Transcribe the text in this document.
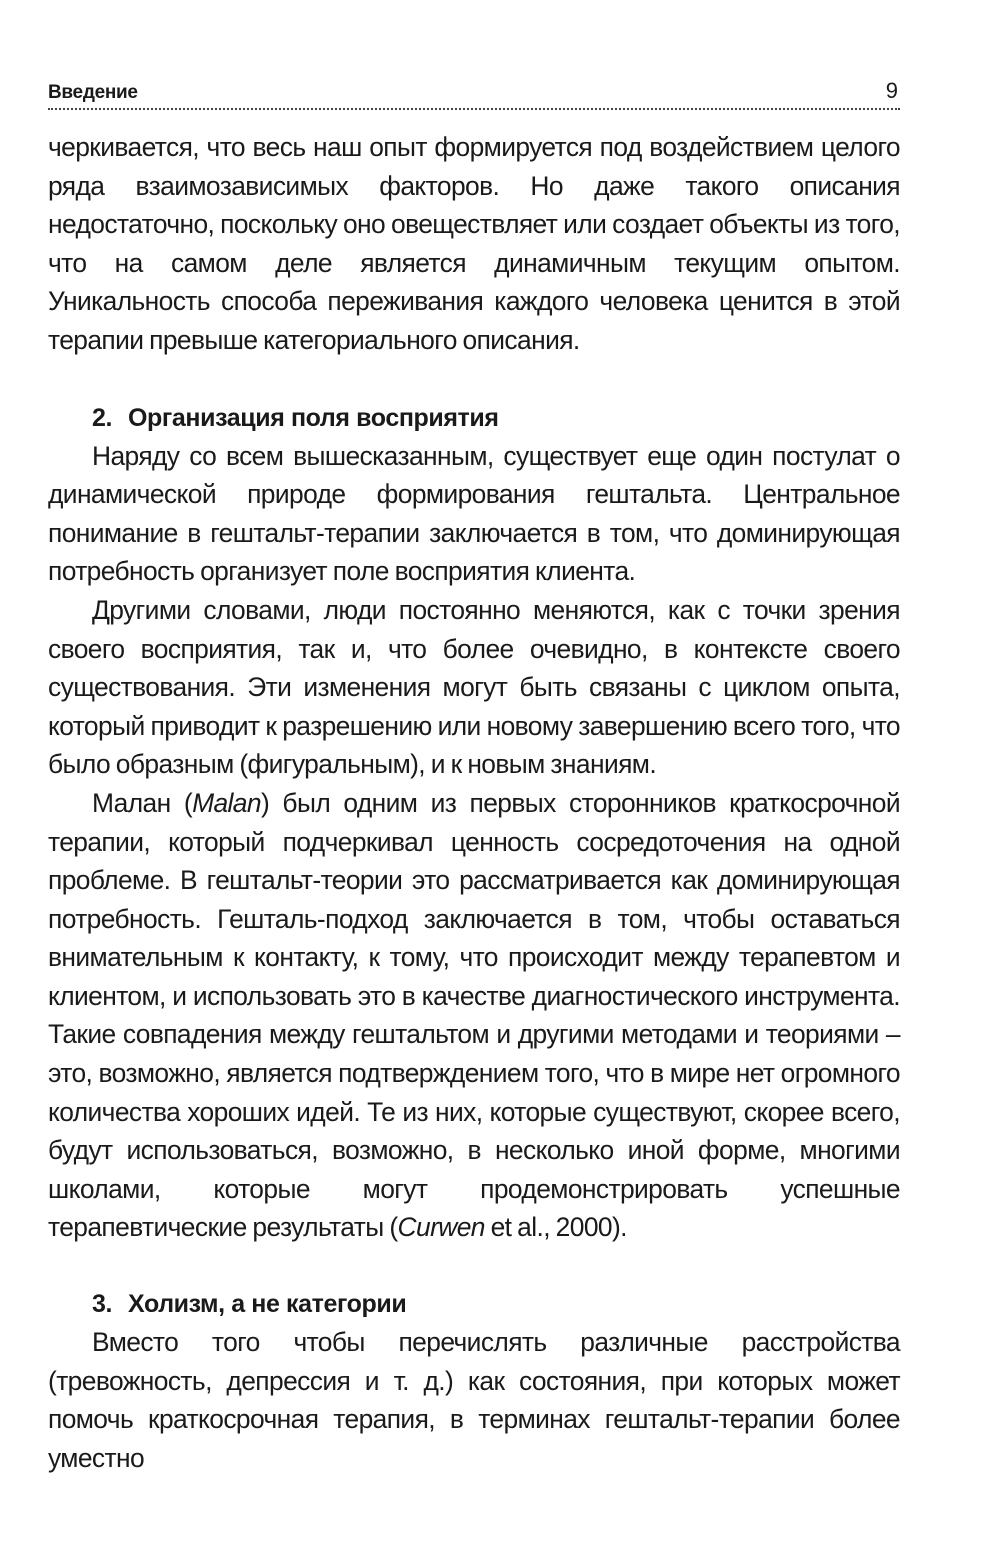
Введение	9

черкивается, что весь наш опыт формируется под воздействием целого ряда взаимозависимых факторов. Но даже такого описания недостаточно, поскольку оно овеществляет или создает объекты из того, что на самом деле является динамичным текущим опытом. Уникальность способа переживания каждого человека ценится в этой терапии превыше категориального описания.

2. Организация поля восприятия

Наряду со всем вышесказанным, существует еще один постулат о динамической природе формирования гештальта. Центральное понимание в гештальт-терапии заключается в том, что доминирующая потребность организует поле восприятия клиента.

Другими словами, люди постоянно меняются, как с точки зрения своего восприятия, так и, что более очевидно, в контексте своего существования. Эти изменения могут быть связаны с циклом опыта, который приводит к разрешению или новому завершению всего того, что было образным (фигуральным), и к новым знаниям.

Малан (Malan) был одним из первых сторонников краткосрочной терапии, который подчеркивал ценность сосредоточения на одной проблеме. В гештальт-теории это рассматривается как доминирующая потребность. Гешталь-подход заключается в том, чтобы оставаться внимательным к контакту, к тому, что происходит между терапевтом и клиентом, и использовать это в качестве диагностического инструмента. Такие совпадения между гештальтом и другими методами и теориями – это, возможно, является подтверждением того, что в мире нет огромного количества хороших идей. Те из них, которые существуют, скорее всего, будут использоваться, возможно, в несколько иной форме, многими школами, которые могут продемонстрировать успешные терапевтические результаты (Curwen et al., 2000).

3. Холизм, а не категории

Вместо того чтобы перечислять различные расстройства (тревожность, депрессия и т. д.) как состояния, при которых может помочь краткосрочная терапия, в терминах гештальт-терапии более уместно
